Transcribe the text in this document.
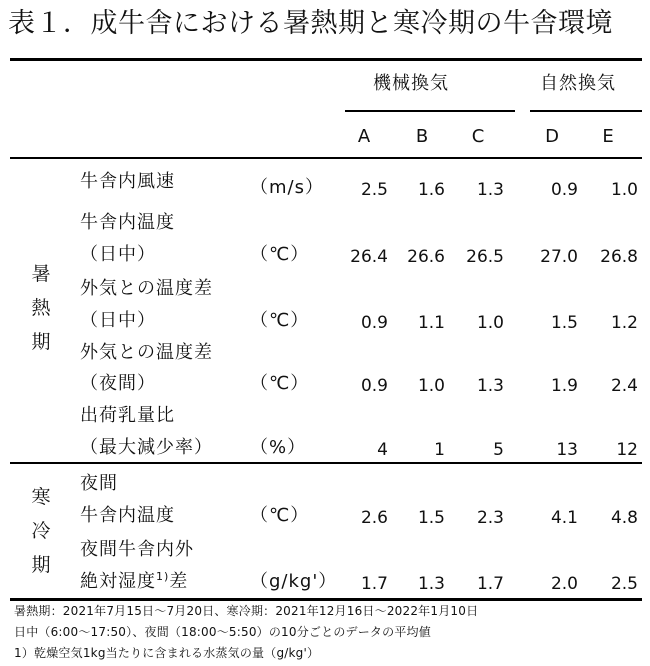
表１．成牛舎における暑熱期と寒冷期の牛舎環境
機械換気	自然換気
A	B	C	D	E
暑
熱
期
牛舎内風速	（m/s）	2.5	1.6	1.3	0.9	1.0
牛舎内温度
（日中）	（℃）	26.4	26.6	26.5	27.0	26.8
外気との温度差
（日中）	（℃）	0.9	1.1	1.0	1.5	1.2
外気との温度差
（夜間）	（℃）	0.9	1.0	1.3	1.9	2.4
出荷乳量比
（最大減少率） （%）	4	1	5	13	12
寒
冷
期
夜間
牛舎内温度	（℃）	2.6	1.5	2.3	4.1	4.8
夜間牛舎内外
絶対湿度$^{1)}$差	（g/kg'）	1.7	1.3	1.7	2.0	2.5
暑熱期：2021年7月15日～7月20日、寒冷期：2021年12月16日～2022年1月10日
日中（6:00～17:50）、夜間（18:00～5:50）の10分ごとのデータの平均値
1）乾燥空気1kg当たりに含まれる水蒸気の量（g/kg'）
